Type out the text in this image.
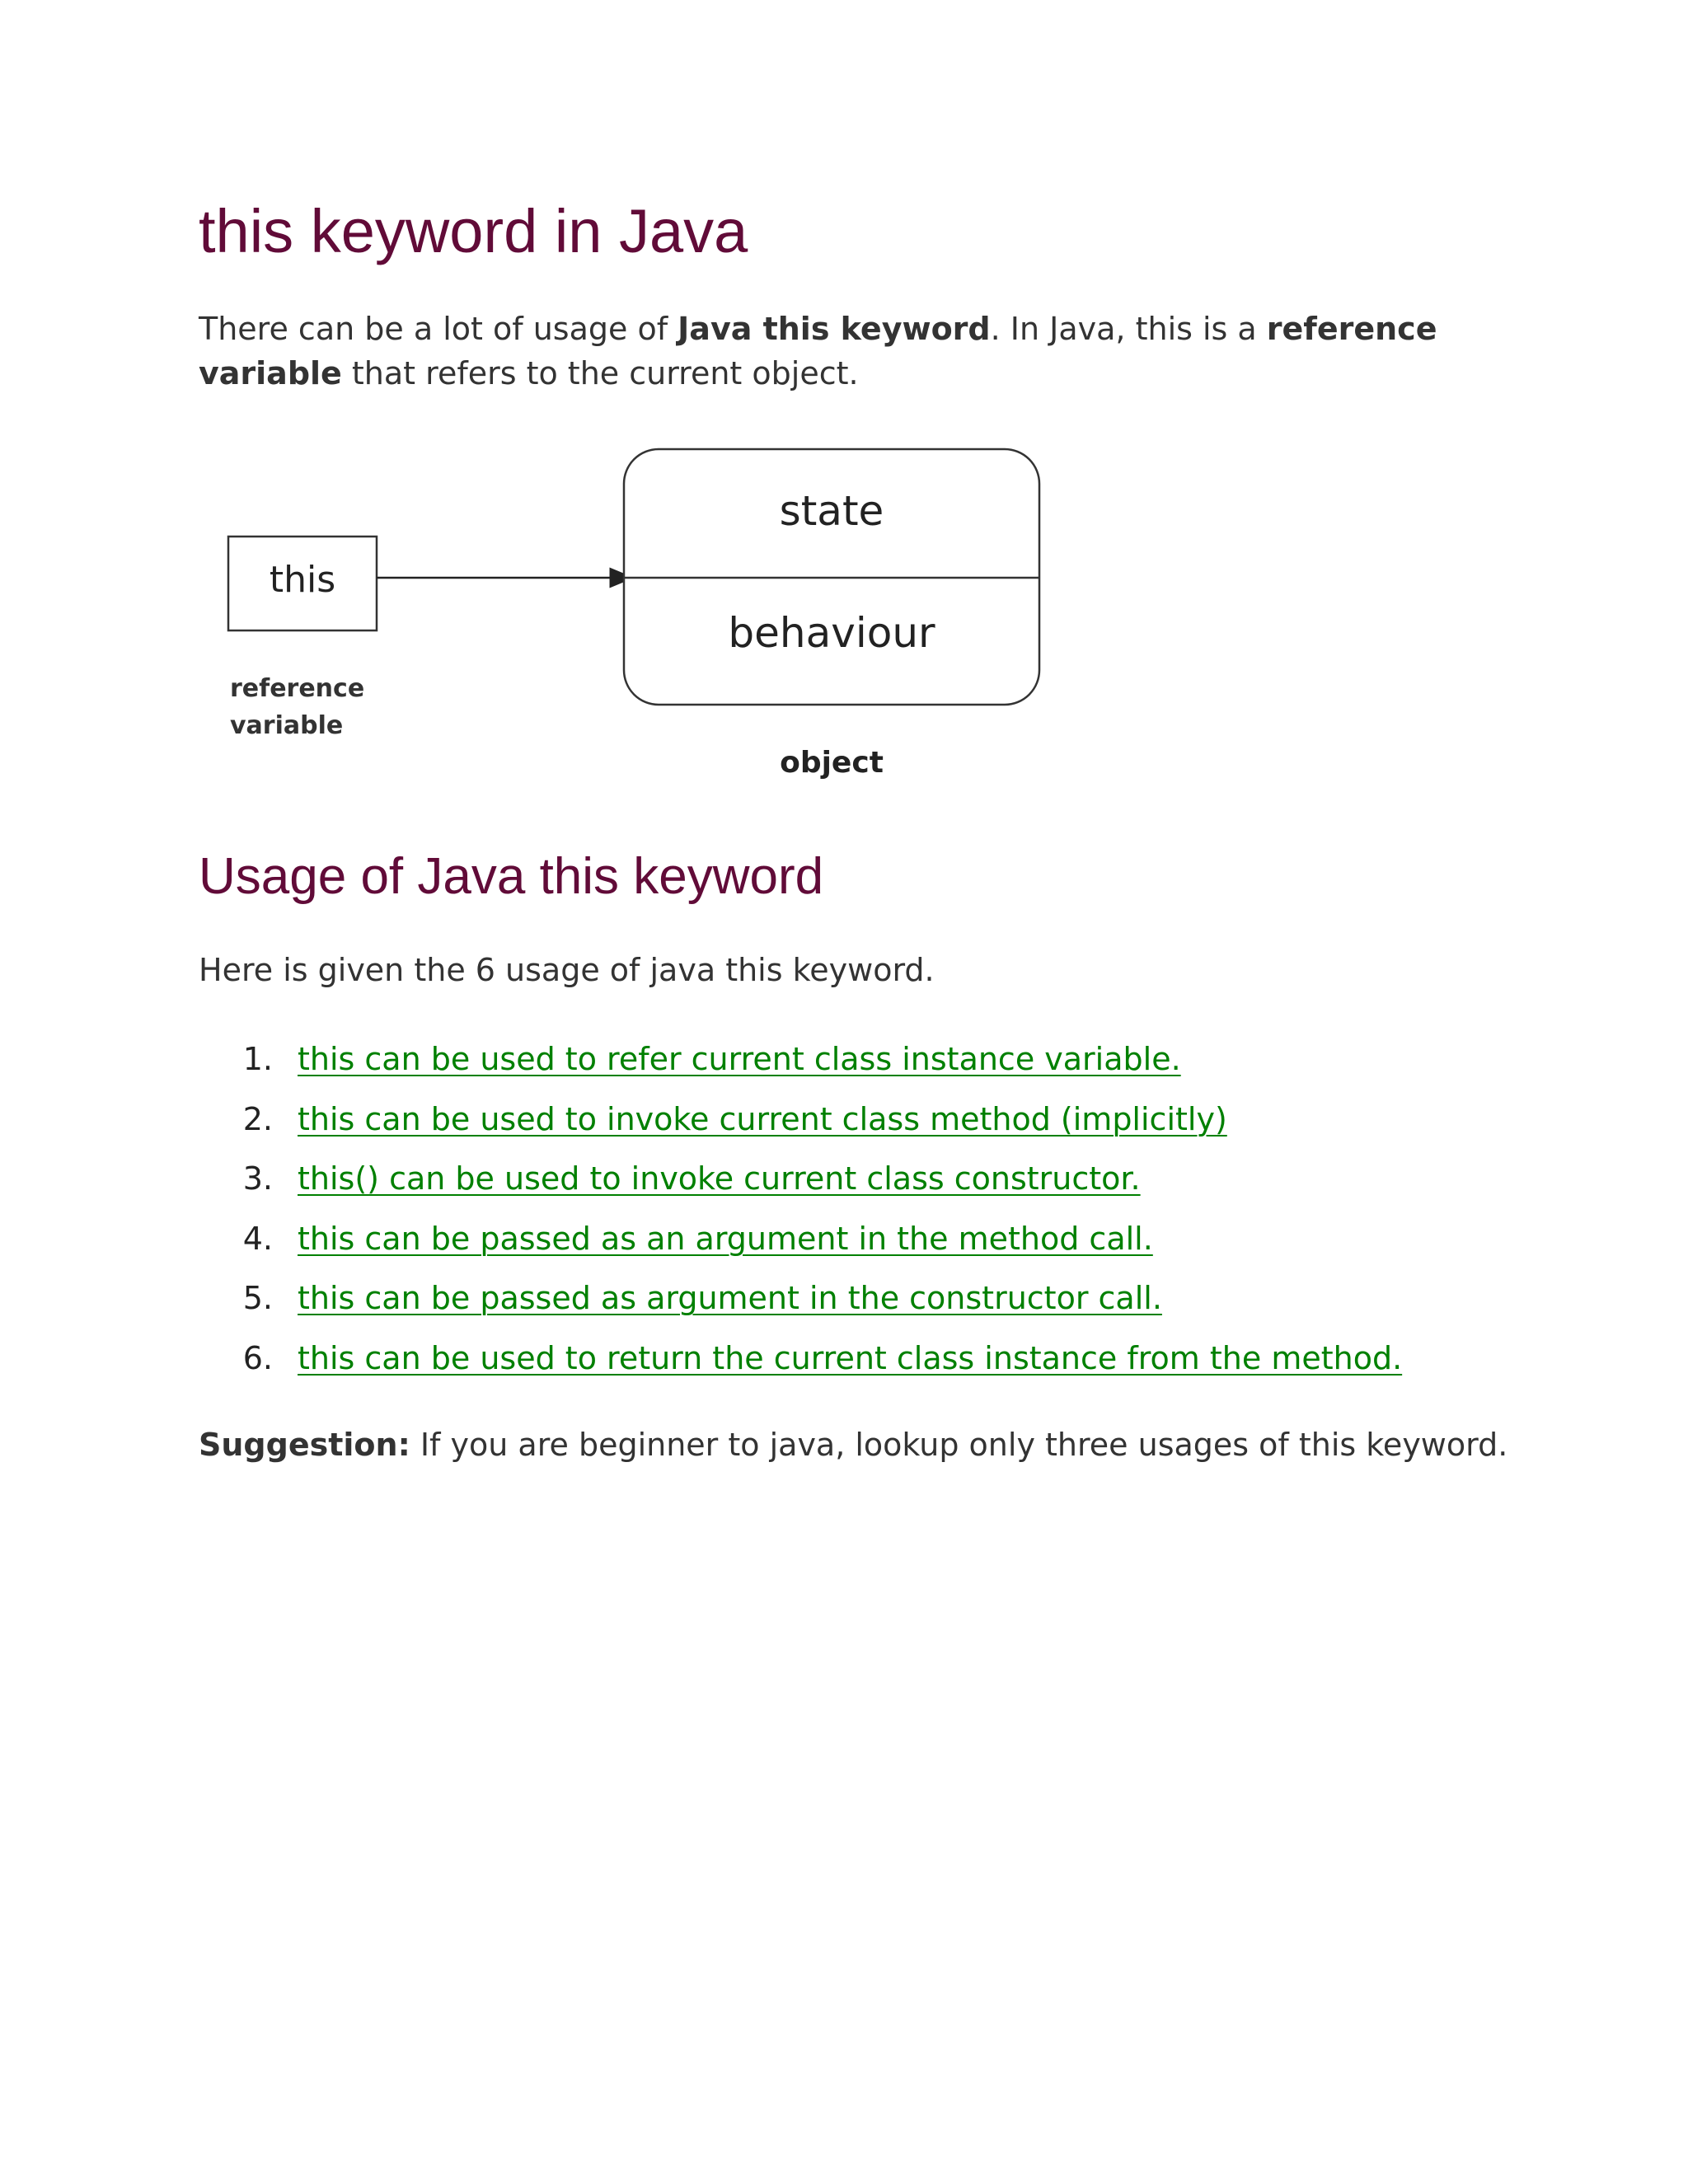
this keyword in Java

There can be a lot of usage of Java this keyword. In Java, this is a reference variable that refers to the current object.

this
reference
variable
state
behaviour
object
Usage of Java this keyword

Here is given the 6 usage of java this keyword.

1. this can be used to refer current class instance variable.
2. this can be used to invoke current class method (implicitly)
3. this() can be used to invoke current class constructor.
4. this can be passed as an argument in the method call.
5. this can be passed as argument in the constructor call.
6. this can be used to return the current class instance from the method.

Suggestion: If you are beginner to java, lookup only three usages of this keyword.
